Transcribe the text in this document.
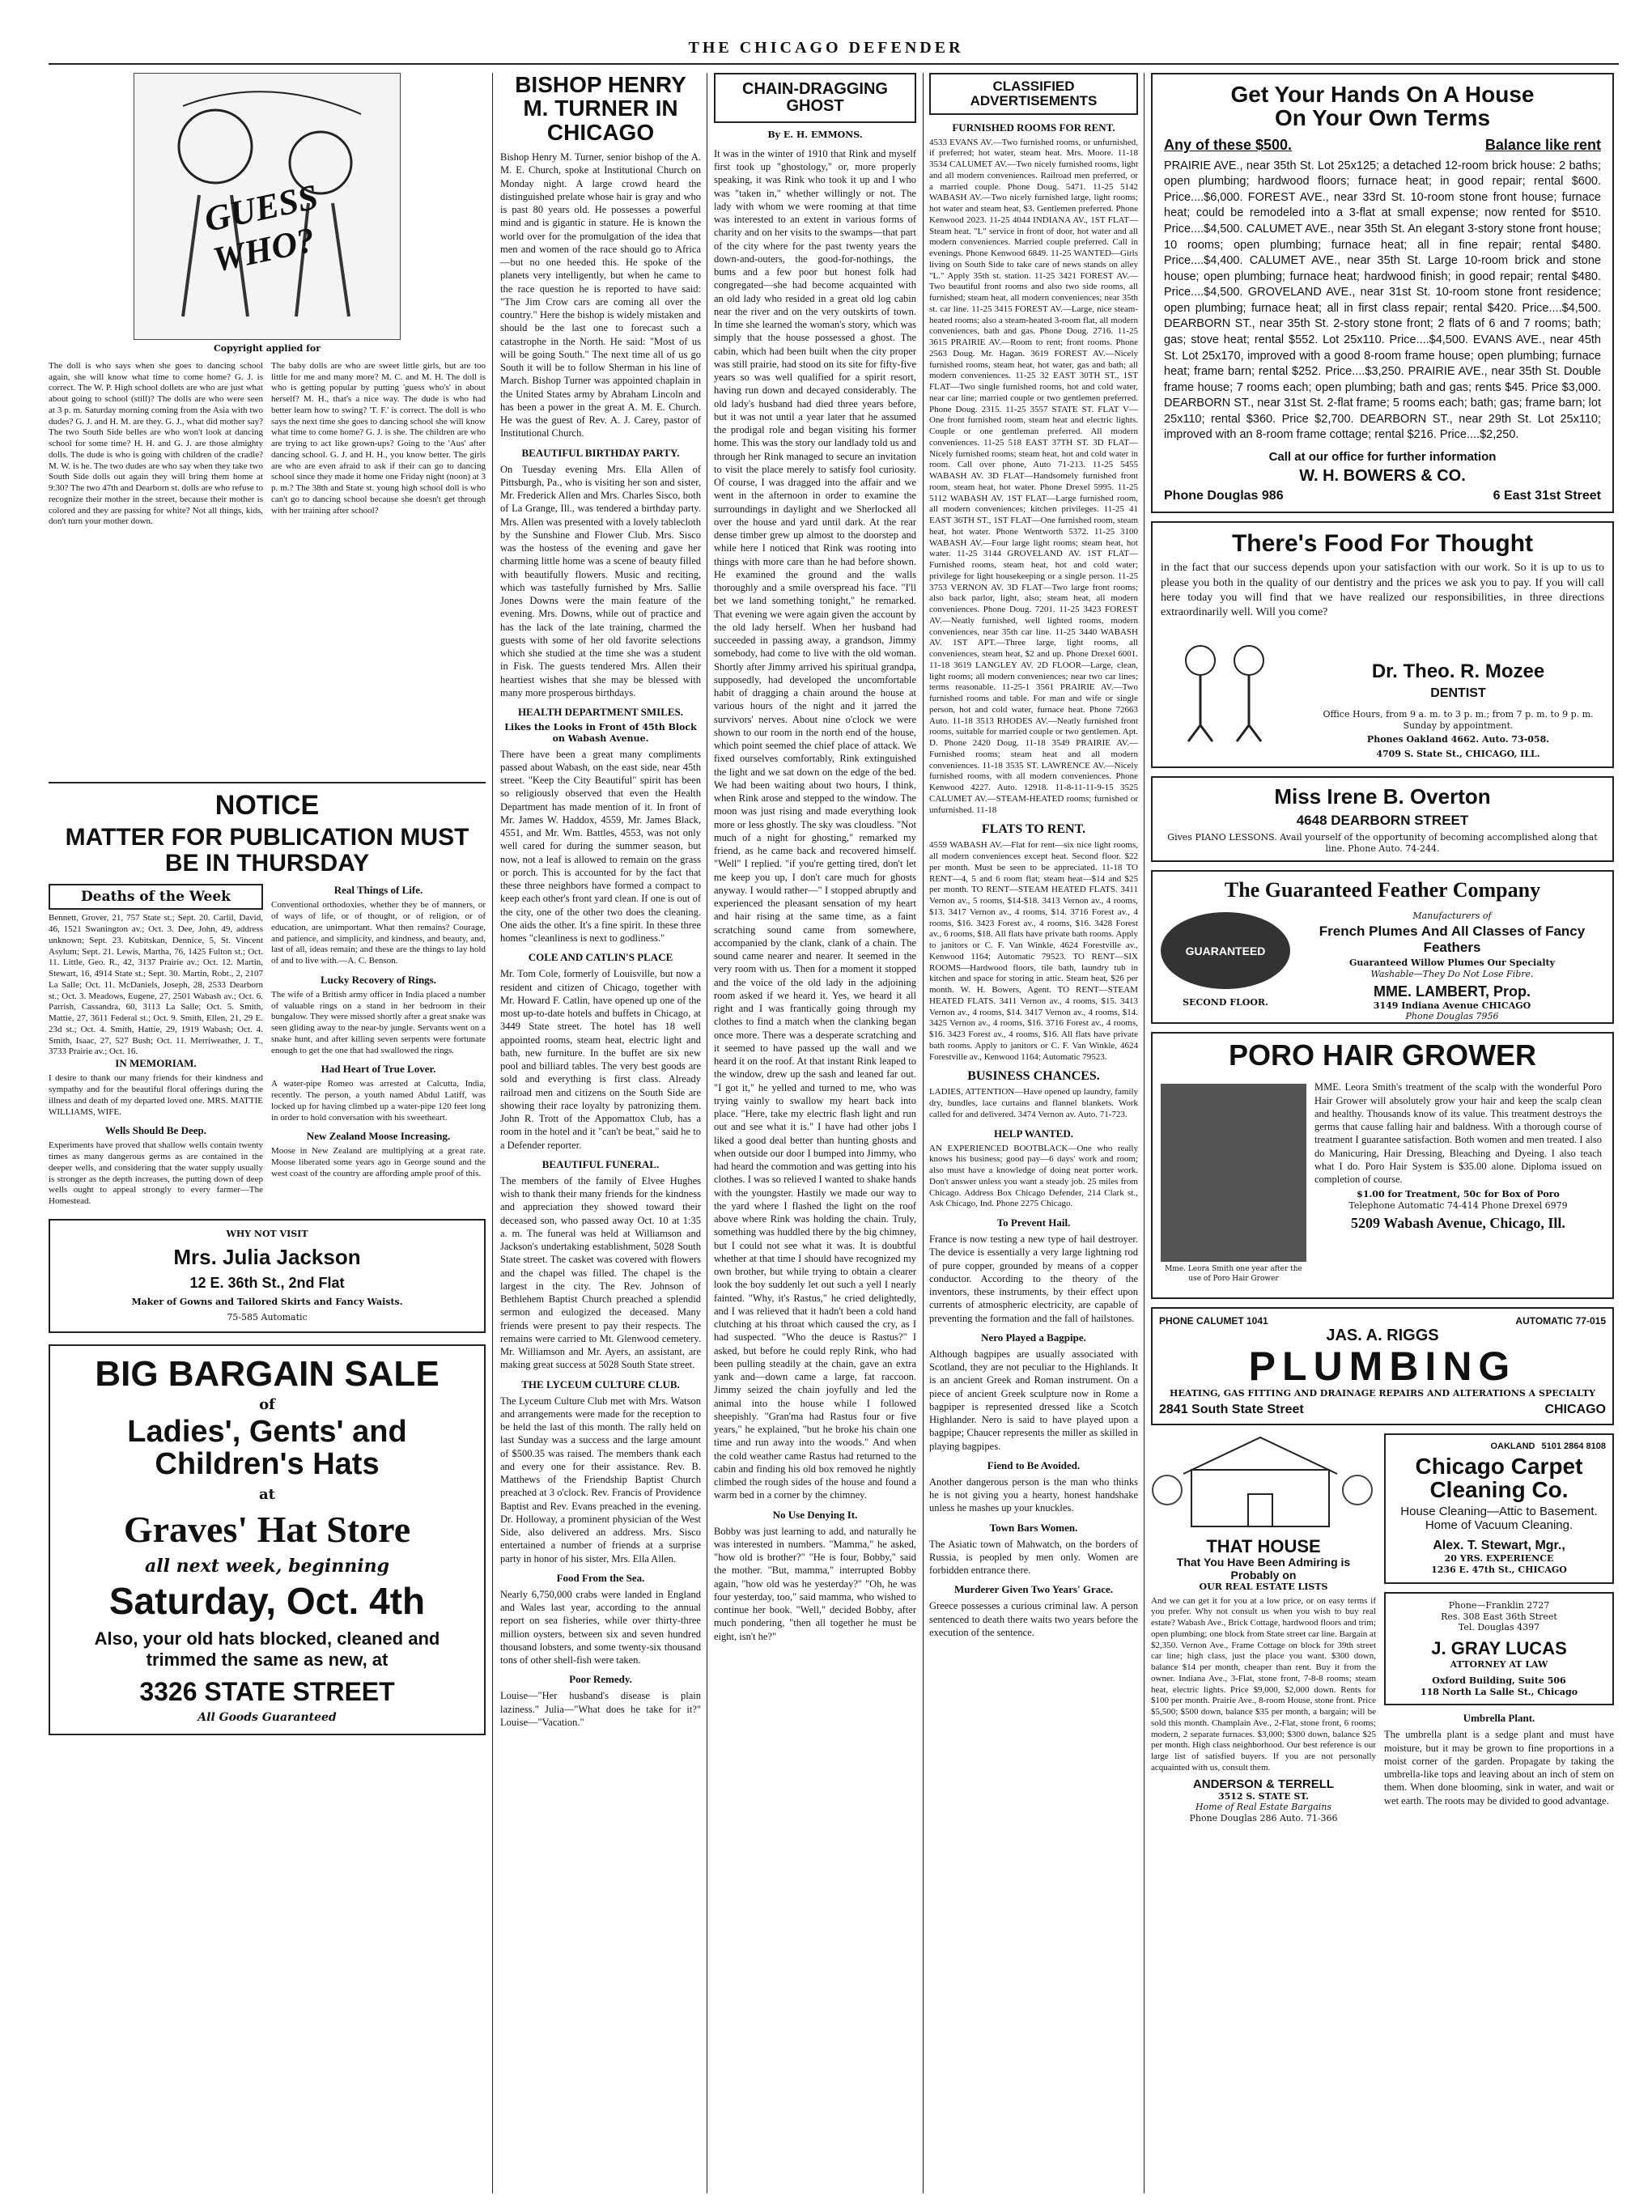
THE CHICAGO DEFENDER
GUESS WHO?
Copyright applied for
The doll is who says when she goes to dancing school again, she will know what time to come home? G. J. is correct. The W. P. High school dollets are who are just what about going to school (still)? The dolls are who were seen at 3 p. m. Saturday morning coming from the Asia with two dudes? G. J. and H. M. are they. G. J., what did mother say? The two South Side belles are who won't look at dancing school for some time? H. H. and G. J. are those almighty dolls. The dude is who is going with children of the cradle? M. W. is he. The two dudes are who say when they take two South Side dolls out again they will bring them home at 9:30? The two 47th and Dearborn st. dolls are who refuse to recognize their mother in the street, because their mother is colored and they are passing for white? Not all things, kids, don't turn your mother down.
The baby dolls are who are sweet little girls, but are too little for me and many more? M. C. and M. H. The doll is who is getting popular by putting 'guess who's' in about herself? M. H., that's a nice way. The dude is who had better learn how to swing? 'T. F.' is correct. The doll is who says the next time she goes to dancing school she will know what time to come home? G. J. is she. The children are who are trying to act like grown-ups? Going to the 'Aus' after dancing school. G. J. and H. H., you know better. The girls are who are even afraid to ask if their can go to dancing school since they made it home one Friday night (noon) at 3 p. m.? The 38th and State st. young high school doll is who can't go to dancing school because she doesn't get through with her training after school?
NOTICE
MATTER FOR PUBLICATION MUST BE IN THURSDAY
Deaths of the Week
Bennett, Grover, 21, 757 State st.; Sept. 20. Carlil, David, 46, 1521 Swanington av.; Oct. 3. Dee, John, 49, address unknown; Sept. 23. Kubitskan, Dennice, 5, St. Vincent Asylum; Sept. 21. Lewis, Martha, 76, 1425 Fulton st.; Oct. 11. Little, Geo. R., 42, 3137 Prairie av.; Oct. 12. Martin, Stewart, 16, 4914 State st.; Sept. 30. Martin, Robt., 2, 2107 La Salle; Oct. 11. McDaniels, Joseph, 28, 2533 Dearborn st.; Oct. 3. Meadows, Eugene, 27, 2501 Wabash av.; Oct. 6. Parrish, Cassandra, 60, 3113 La Salle; Oct. 5. Smith, Mattie, 27, 3611 Federal st.; Oct. 9. Smith, Ellen, 21, 29 E. 23d st.; Oct. 4. Smith, Hattie, 29, 1919 Wabash; Oct. 4. Smith, Isaac, 27, 527 Bush; Oct. 11. Merriweather, J. T., 3733 Prairie av.; Oct. 16.
IN MEMORIAM.
I desire to thank our many friends for their kindness and sympathy and for the beautiful floral offerings during the illness and death of my departed loved one. MRS. MATTIE WILLIAMS, WIFE.
Wells Should Be Deep.
Experiments have proved that shallow wells contain twenty times as many dangerous germs as are contained in the deeper wells, and considering that the water supply usually is stronger as the depth increases, the putting down of deep wells ought to appeal strongly to every farmer—The Homestead.
Real Things of Life.
Conventional orthodoxies, whether they be of manners, or of ways of life, or of thought, or of religion, or of education, are unimportant. What then remains? Courage, and patience, and simplicity, and kindness, and beauty, and, last of all, ideas remain; and these are the things to lay hold of and to live with.—A. C. Benson.
Lucky Recovery of Rings.
The wife of a British army officer in India placed a number of valuable rings on a stand in her bedroom in their bungalow. They were missed shortly after a great snake was seen gliding away to the near-by jungle. Servants went on a snake hunt, and after killing seven serpents were fortunate enough to get the one that had swallowed the rings.
Had Heart of True Lover.
A water-pipe Romeo was arrested at Calcutta, India, recently. The person, a youth named Abdul Latiff, was locked up for having climbed up a water-pipe 120 feet long in order to hold conversation with his sweetheart.
New Zealand Moose Increasing.
Moose in New Zealand are multiplying at a great rate. Moose liberated some years ago in George sound and the west coast of the country are affording ample proof of this.
WHY NOT VISIT
Mrs. Julia Jackson
12 E. 36th St., 2nd Flat
Maker of Gowns and Tailored Skirts and Fancy Waists.
75-585 Automatic
BIG BARGAIN SALE
of
Ladies', Gents' and Children's Hats
at
Graves' Hat Store
all next week, beginning
Saturday, Oct. 4th
Also, your old hats blocked, cleaned and trimmed the same as new, at
3326 STATE STREET
All Goods Guaranteed
BISHOP HENRY M. TURNER IN CHICAGO
Bishop Henry M. Turner, senior bishop of the A. M. E. Church, spoke at Institutional Church on Monday night. A large crowd heard the distinguished prelate whose hair is gray and who is past 80 years old. He possesses a powerful mind and is gigantic in stature. He is known the world over for the promulgation of the idea that men and women of the race should go to Africa—but no one heeded this. He spoke of the planets very intelligently, but when he came to the race question he is reported to have said: "The Jim Crow cars are coming all over the country." Here the bishop is widely mistaken and should be the last one to forecast such a catastrophe in the North. He said: "Most of us will be going South." The next time all of us go South it will be to follow Sherman in his line of March. Bishop Turner was appointed chaplain in the United States army by Abraham Lincoln and has been a power in the great A. M. E. Church. He was the guest of Rev. A. J. Carey, pastor of Institutional Church.
BEAUTIFUL BIRTHDAY PARTY.
On Tuesday evening Mrs. Ella Allen of Pittsburgh, Pa., who is visiting her son and sister, Mr. Frederick Allen and Mrs. Charles Sisco, both of La Grange, Ill., was tendered a birthday party. Mrs. Allen was presented with a lovely tablecloth by the Sunshine and Flower Club. Mrs. Sisco was the hostess of the evening and gave her charming little home was a scene of beauty filled with beautifully flowers. Music and reciting, which was tastefully furnished by Mrs. Sallie Jones Downs were the main feature of the evening. Mrs. Downs, while out of practice and has the lack of the late training, charmed the guests with some of her old favorite selections which she studied at the time she was a student in Fisk. The guests tendered Mrs. Allen their heartiest wishes that she may be blessed with many more prosperous birthdays.
HEALTH DEPARTMENT SMILES.
Likes the Looks in Front of 45th Block on Wabash Avenue.
There have been a great many compliments passed about Wabash, on the east side, near 45th street. "Keep the City Beautiful" spirit has been so religiously observed that even the Health Department has made mention of it. In front of Mr. James W. Haddox, 4559, Mr. James Black, 4551, and Mr. Wm. Battles, 4553, was not only well cared for during the summer season, but now, not a leaf is allowed to remain on the grass or porch. This is accounted for by the fact that these three neighbors have formed a compact to keep each other's front yard clean. If one is out of the city, one of the other two does the cleaning. One aids the other. It's a fine spirit. In these three homes "cleanliness is next to godliness."
COLE AND CATLIN'S PLACE
Mr. Tom Cole, formerly of Louisville, but now a resident and citizen of Chicago, together with Mr. Howard F. Catlin, have opened up one of the most up-to-date hotels and buffets in Chicago, at 3449 State street. The hotel has 18 well appointed rooms, steam heat, electric light and bath, new furniture. In the buffet are six new pool and billiard tables. The very best goods are sold and everything is first class. Already railroad men and citizens on the South Side are showing their race loyalty by patronizing them. John R. Trott of the Appomattox Club, has a room in the hotel and it "can't be beat," said he to a Defender reporter.
BEAUTIFUL FUNERAL.
The members of the family of Elvee Hughes wish to thank their many friends for the kindness and appreciation they showed toward their deceased son, who passed away Oct. 10 at 1:35 a. m. The funeral was held at Williamson and Jackson's undertaking establishment, 5028 South State street. The casket was covered with flowers and the chapel was filled. The chapel is the largest in the city. The Rev. Johnson of Bethlehem Baptist Church preached a splendid sermon and eulogized the deceased. Many friends were present to pay their respects. The remains were carried to Mt. Glenwood cemetery. Mr. Williamson and Mr. Ayers, an assistant, are making great success at 5028 South State street.
THE LYCEUM CULTURE CLUB.
The Lyceum Culture Club met with Mrs. Watson and arrangements were made for the reception to be held the last of this month. The rally held on last Sunday was a success and the large amount of $500.35 was raised. The members thank each and every one for their assistance. Rev. B. Matthews of the Friendship Baptist Church preached at 3 o'clock. Rev. Francis of Providence Baptist and Rev. Evans preached in the evening. Dr. Holloway, a prominent physician of the West Side, also delivered an address. Mrs. Sisco entertained a number of friends at a surprise party in honor of his sister, Mrs. Ella Allen.
Food From the Sea.
Nearly 6,750,000 crabs were landed in England and Wales last year, according to the annual report on sea fisheries, while over thirty-three million oysters, between six and seven hundred thousand lobsters, and some twenty-six thousand tons of other shell-fish were taken.
Poor Remedy.
Louise—"Her husband's disease is plain laziness." Julia—"What does he take for it?" Louise—"Vacation."
CHAIN-DRAGGING GHOST
By E. H. EMMONS.
It was in the winter of 1910 that Rink and myself first took up "ghostology," or, more properly speaking, it was Rink who took it up and I who was "taken in," whether willingly or not. The lady with whom we were rooming at that time was interested to an extent in various forms of charity and on her visits to the swamps—that part of the city where for the past twenty years the down-and-outers, the good-for-nothings, the bums and a few poor but honest folk had congregated—she had become acquainted with an old lady who resided in a great old log cabin near the river and on the very outskirts of town. In time she learned the woman's story, which was simply that the house possessed a ghost. The cabin, which had been built when the city proper was still prairie, had stood on its site for fifty-five years so was well qualified for a spirit resort, having run down and decayed considerably. The old lady's husband had died three years before, but it was not until a year later that he assumed the prodigal role and began visiting his former home. This was the story our landlady told us and through her Rink managed to secure an invitation to visit the place merely to satisfy fool curiosity. Of course, I was dragged into the affair and we went in the afternoon in order to examine the surroundings in daylight and we Sherlocked all over the house and yard until dark. At the rear dense timber grew up almost to the doorstep and while here I noticed that Rink was rooting into things with more care than he had before shown. He examined the ground and the walls thoroughly and a smile overspread his face. "I'll bet we land something tonight," he remarked. That evening we were again given the account by the old lady herself. When her husband had succeeded in passing away, a grandson, Jimmy somebody, had come to live with the old woman. Shortly after Jimmy arrived his spiritual grandpa, supposedly, had developed the uncomfortable habit of dragging a chain around the house at various hours of the night and it jarred the survivors' nerves. About nine o'clock we were shown to our room in the north end of the house, which point seemed the chief place of attack. We fixed ourselves comfortably, Rink extinguished the light and we sat down on the edge of the bed. We had been waiting about two hours, I think, when Rink arose and stepped to the window. The moon was just rising and made everything look more or less ghostly. The sky was cloudless. "Not much of a night for ghosting," remarked my friend, as he came back and recovered himself. "Well" I replied. "if you're getting tired, don't let me keep you up, I don't care much for ghosts anyway. I would rather—" I stopped abruptly and experienced the pleasant sensation of my heart and hair rising at the same time, as a faint scratching sound came from somewhere, accompanied by the clank, clank of a chain. The sound came nearer and nearer. It seemed in the very room with us. Then for a moment it stopped and the voice of the old lady in the adjoining room asked if we heard it. Yes, we heard it all right and I was frantically going through my clothes to find a match when the clanking began once more. There was a desperate scratching and it seemed to have passed up the wall and we heard it on the roof. At that instant Rink leaped to the window, drew up the sash and leaned far out. "I got it," he yelled and turned to me, who was trying vainly to swallow my heart back into place. "Here, take my electric flash light and run out and see what it is." I have had other jobs I liked a good deal better than hunting ghosts and when outside our door I bumped into Jimmy, who had heard the commotion and was getting into his clothes. I was so relieved I wanted to shake hands with the youngster. Hastily we made our way to the yard where I flashed the light on the roof above where Rink was holding the chain. Truly, something was huddled there by the big chimney, but I could not see what it was. It is doubtful whether at that time I should have recognized my own brother, but while trying to obtain a clearer look the boy suddenly let out such a yell I nearly fainted. "Why, it's Rastus," he cried delightedly, and I was relieved that it hadn't been a cold hand clutching at his throat which caused the cry, as I had suspected. "Who the deuce is Rastus?" I asked, but before he could reply Rink, who had been pulling steadily at the chain, gave an extra yank and—down came a large, fat raccoon. Jimmy seized the chain joyfully and led the animal into the house while I followed sheepishly. "Gran'ma had Rastus four or five years," he explained, "but he broke his chain one time and run away into the woods." And when the cold weather came Rastus had returned to the cabin and finding his old box removed he nightly climbed the rough sides of the house and found a warm bed in a corner by the chimney.
No Use Denying It.
Bobby was just learning to add, and naturally he was interested in numbers. "Mamma," he asked, "how old is brother?" "He is four, Bobby," said the mother. "But, mamma," interrupted Bobby again, "how old was he yesterday?" "Oh, he was four yesterday, too," said mamma, who wished to continue her book. "Well," decided Bobby, after much pondering, "then all together he must be eight, isn't he?"
CLASSIFIED ADVERTISEMENTS
FURNISHED ROOMS FOR RENT.
4533 EVANS AV.—Two furnished rooms, or unfurnished, if preferred; hot water, steam heat. Mrs. Moore. 11-18 3534 CALUMET AV.—Two nicely furnished rooms, light and all modern conveniences. Railroad men preferred, or a married couple. Phone Doug. 5471. 11-25 5142 WABASH AV.—Two nicely furnished large, light rooms; hot water and steam heat, $3. Gentlemen preferred. Phone Kenwood 2023. 11-25 4044 INDIANA AV., 1ST FLAT—Steam heat. "L" service in front of door, hot water and all modern conveniences. Married couple preferred. Call in evenings. Phone Kenwood 6849. 11-25 WANTED—Girls living on South Side to take care of news stands on alley "L." Apply 35th st. station. 11-25 3421 FOREST AV.—Two beautiful front rooms and also two side rooms, all furnished; steam heat, all modern conveniences; near 35th st. car line. 11-25 3415 FOREST AV.—Large, nice steam-heated rooms; also a steam-heated 3-room flat, all modern conveniences, bath and gas. Phone Doug. 2716. 11-25 3615 PRAIRIE AV.—Room to rent; front rooms. Phone 2563 Doug. Mr. Hagan. 3619 FOREST AV.—Nicely furnished rooms, steam heat, hot water, gas and bath; all modern conveniences. 11-25 32 EAST 30TH ST., 1ST FLAT—Two single furnished rooms, hot and cold water, near car line; married couple or two gentlemen preferred. Phone Doug. 2315. 11-25 3557 STATE ST. FLAT V—One front furnished room, steam heat and electric lights. Couple or one gentleman preferred. All modern conveniences. 11-25 518 EAST 37TH ST. 3D FLAT—Nicely furnished rooms; steam heat, hot and cold water in room. Call over phone, Auto 71-213. 11-25 5455 WABASH AV. 3D FLAT—Handsomely furnished front room, steam heat, hot water. Phone Drexel 5995. 11-25 5112 WABASH AV. 1ST FLAT—Large furnished room, all modern conveniences; kitchen privileges. 11-25 41 EAST 36TH ST., 1ST FLAT—One furnished room, steam heat, hot water. Phone Wentworth 5372. 11-25 3100 WABASH AV.—Four large light rooms; steam heat, hot water. 11-25 3144 GROVELAND AV. 1ST FLAT—Furnished rooms, steam heat, hot and cold water; privilege for light housekeeping or a single person. 11-25 3753 VERNON AV. 3D FLAT—Two large front rooms; also back parlor, light, also; steam heat, all modern conveniences. Phone Doug. 7201. 11-25 3423 FOREST AV.—Neatly furnished, well lighted rooms, modern conveniences, near 35th car line. 11-25 3440 WABASH AV. 1ST APT.—Three large, light rooms, all conveniences, steam heat, $2 and up. Phone Drexel 6001. 11-18 3619 LANGLEY AV. 2D FLOOR—Large, clean, light rooms; all modern conveniences; near two car lines; terms reasonable. 11-25-1 3561 PRAIRIE AV.—Two furnished rooms and table. For man and wife or single person, hot and cold water, furnace heat. Phone 72663 Auto. 11-18 3513 RHODES AV.—Neatly furnished front rooms, suitable for married couple or two gentlemen. Apt. D. Phone 2420 Doug. 11-18 3549 PRAIRIE AV.—Furnished rooms; steam heat and all modern conveniences. 11-18 3535 ST. LAWRENCE AV.—Nicely furnished rooms, with all modern conveniences. Phone Kenwood 4227. Auto. 12918. 11-8-11-11-9-15 3525 CALUMET AV.—STEAM-HEATED rooms; furnished or unfurnished. 11-18
FLATS TO RENT.
4559 WABASH AV.—Flat for rent—six nice light rooms, all modern conveniences except heat. Second floor. $22 per month. Must be seen to be appreciated. 11-18 TO RENT—4, 5 and 6 room flat; steam heat—$14 and $25 per month. TO RENT—STEAM HEATED FLATS. 3411 Vernon av., 5 rooms, $14-$18. 3413 Vernon av., 4 rooms, $13. 3417 Vernon av., 4 rooms, $14. 3716 Forest av., 4 rooms, $16. 3423 Forest av., 4 rooms, $16. 3428 Forest av., 6 rooms, $18. All flats have private bath rooms. Apply to janitors or C. F. Van Winkle, 4624 Forestville av., Kenwood 1164; Automatic 79523. TO RENT—SIX ROOMS—Hardwood floors, tile bath, laundry tub in kitchen and space for storing in attic. Steam heat, $26 per month. W. H. Bowers, Agent. TO RENT—STEAM HEATED FLATS. 3411 Vernon av., 4 rooms, $15. 3413 Vernon av., 4 rooms, $14. 3417 Vernon av., 4 rooms, $14. 3425 Vernon av., 4 rooms, $16. 3716 Forest av., 4 rooms, $16. 3423 Forest av., 4 rooms, $16. All flats have private bath rooms. Apply to janitors or C. F. Van Winkle, 4624 Forestville av., Kenwood 1164; Automatic 79523.
BUSINESS CHANCES.
LADIES, ATTENTION—Have opened up laundry, family dry, bundles, lace curtains and flannel blankets. Work called for and delivered. 3474 Vernon av. Auto. 71-723.
HELP WANTED.
AN EXPERIENCED BOOTBLACK—One who really knows his business; good pay—6 days' work and room; also must have a knowledge of doing neat porter work. Don't answer unless you want a steady job. 25 miles from Chicago. Address Box Chicago Defender, 214 Clark st., Ask Chicago, Ind. Phone 2275 Chicago.
To Prevent Hail.
France is now testing a new type of hail destroyer. The device is essentially a very large lightning rod of pure copper, grounded by means of a copper conductor. According to the theory of the inventors, these instruments, by their effect upon currents of atmospheric electricity, are capable of preventing the formation and the fall of hailstones.
Nero Played a Bagpipe.
Although bagpipes are usually associated with Scotland, they are not peculiar to the Highlands. It is an ancient Greek and Roman instrument. On a piece of ancient Greek sculpture now in Rome a bagpiper is represented dressed like a Scotch Highlander. Nero is said to have played upon a bagpipe; Chaucer represents the miller as skilled in playing bagpipes.
Fiend to Be Avoided.
Another dangerous person is the man who thinks he is not giving you a hearty, honest handshake unless he mashes up your knuckles.
Town Bars Women.
The Asiatic town of Mahwatch, on the borders of Russia, is peopled by men only. Women are forbidden entrance there.
Murderer Given Two Years' Grace.
Greece possesses a curious criminal law. A person sentenced to death there waits two years before the execution of the sentence.
Get Your Hands On A House
On Your Own Terms
Any of these $500.	Balance like rent
PRAIRIE AVE., near 35th St. Lot 25x125; a detached 12-room brick house: 2 baths; open plumbing; hardwood floors; furnace heat; in good repair; rental $600. Price....$6,000. FOREST AVE., near 33rd St. 10-room stone front house; furnace heat; could be remodeled into a 3-flat at small expense; now rented for $510. Price....$4,500. CALUMET AVE., near 35th St. An elegant 3-story stone front house; 10 rooms; open plumbing; furnace heat; all in fine repair; rental $480. Price....$4,400. CALUMET AVE., near 35th St. Large 10-room brick and stone house; open plumbing; furnace heat; hardwood finish; in good repair; rental $480. Price....$4,500. GROVELAND AVE., near 31st St. 10-room stone front residence; open plumbing; furnace heat; all in first class repair; rental $420. Price....$4,500. DEARBORN ST., near 35th St. 2-story stone front; 2 flats of 6 and 7 rooms; bath; gas; stove heat; rental $552. Lot 25x110. Price....$4,500. EVANS AVE., near 45th St. Lot 25x170, improved with a good 8-room frame house; open plumbing; furnace heat; frame barn; rental $252. Price....$3,250. PRAIRIE AVE., near 35th St. Double frame house; 7 rooms each; open plumbing; bath and gas; rents $45. Price $3,000. DEARBORN ST., near 31st St. 2-flat frame; 5 rooms each; bath; gas; frame barn; lot 25x110; rental $360. Price $2,700. DEARBORN ST., near 29th St. Lot 25x110; improved with an 8-room frame cottage; rental $216. Price....$2,250.
Call at our office for further information
W. H. BOWERS & CO.
Phone Douglas 986	6 East 31st Street
There's Food For Thought
in the fact that our success depends upon your satisfaction with our work. So it is up to us to please you both in the quality of our dentistry and the prices we ask you to pay. If you will call here today you will find that we have realized our responsibilities, in three directions extraordinarily well. Will you come?
Dr. Theo. R. Mozee
DENTIST
Office Hours, from 9 a. m. to 3 p. m.; from 7 p. m. to 9 p. m. Sunday by appointment.
Phones Oakland 4662. Auto. 73-058.
4709 S. State St., CHICAGO, ILL.
Miss Irene B. Overton
4648 DEARBORN STREET
Gives PIANO LESSONS. Avail yourself of the opportunity of becoming accomplished along that line. Phone Auto. 74-244.
The Guaranteed Feather Company
GUARANTEED
SECOND FLOOR.
Manufacturers of
French Plumes And All Classes of Fancy Feathers
Guaranteed Willow Plumes Our Specialty
Washable—They Do Not Lose Fibre.
MME. LAMBERT, Prop.
3149 Indiana Avenue CHICAGO
Phone Douglas 7956
PORO HAIR GROWER
Mme. Leora Smith one year after the use of Poro Hair Grower
MME. Leora Smith's treatment of the scalp with the wonderful Poro Hair Grower will absolutely grow your hair and keep the scalp clean and healthy. Thousands know of its value. This treatment destroys the germs that cause falling hair and baldness. With a thorough course of treatment I guarantee satisfaction. Both women and men treated. I also do Manicuring, Hair Dressing, Bleaching and Dyeing. I also teach what I do. Poro Hair System is $35.00 alone. Diploma issued on completion of course.
$1.00 for Treatment, 50c for Box of Poro
Telephone Automatic 74-414 Phone Drexel 6979
5209 Wabash Avenue, Chicago, Ill.
PHONE CALUMET 1041	AUTOMATIC 77-015
JAS. A. RIGGS
PLUMBING
HEATING, GAS FITTING AND DRAINAGE REPAIRS AND ALTERATIONS A SPECIALTY
2841 South State Street	CHICAGO
THAT HOUSE
That You Have Been Admiring is Probably on
OUR REAL ESTATE LISTS
And we can get it for you at a low price, or on easy terms if you prefer. Why not consult us when you wish to buy real estate? Wabash Ave., Brick Cottage, hardwood floors and trim; open plumbing; one block from State street car line. Bargain at $2,350. Vernon Ave., Frame Cottage on block for 39th street car line; high class, just the place you want. $300 down, balance $14 per month, cheaper than rent. Buy it from the owner. Indiana Ave., 3-Flat, stone front, 7-8-8 rooms; steam heat, electric lights. Price $9,000, $2,000 down. Rents for $100 per month. Prairie Ave., 8-room House, stone front. Price $5,500; $500 down, balance $35 per month, a bargain; will be sold this month. Champlain Ave., 2-Flat, stone front, 6 rooms; modern, 2 separate furnaces. $3,000; $300 down, balance $25 per month. High class neighborhood. Our best reference is our large list of satisfied buyers. If you are not personally acquainted with us, consult them.
ANDERSON & TERRELL
3512 S. STATE ST.
Home of Real Estate Bargains
Phone Douglas 286 Auto. 71-366
OAKLAND 5101 2864 8108
Chicago Carpet Cleaning Co.
House Cleaning—Attic to Basement. Home of Vacuum Cleaning.
Alex. T. Stewart, Mgr.,
20 YRS. EXPERIENCE
1236 E. 47th St., CHICAGO
Phone—Franklin 2727
Res. 308 East 36th Street
Tel. Douglas 4397
J. GRAY LUCAS
ATTORNEY AT LAW
Oxford Building, Suite 506
118 North La Salle St., Chicago
Umbrella Plant.
The umbrella plant is a sedge plant and must have moisture, but it may be grown to fine proportions in a moist corner of the garden. Propagate by taking the umbrella-like tops and leaving about an inch of stem on them. When done blooming, sink in water, and wait or wet earth. The roots may be divided to good advantage.
